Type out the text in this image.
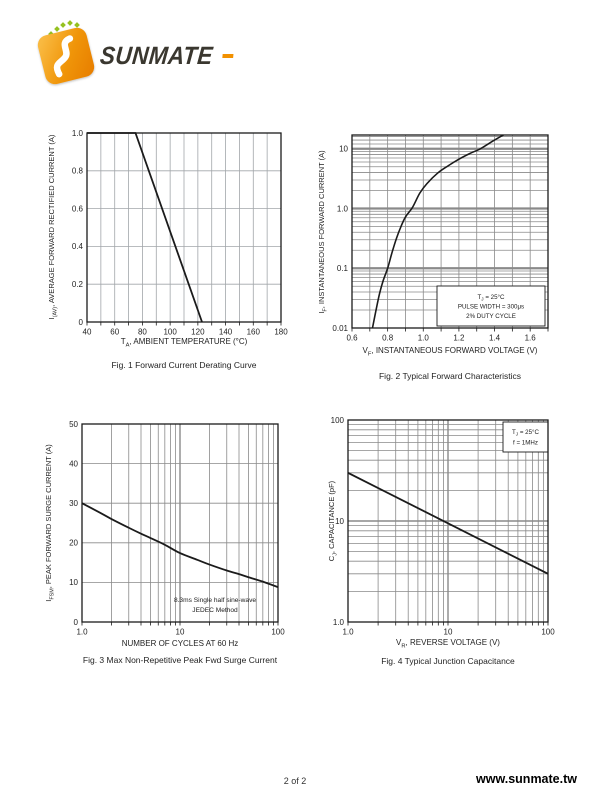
SUNMATE
$I_{(AV)}$, AVERAGE FORWARD RECTIFIED CURRENT (A)
40 60 80 100 120 140 160 180
0
0.2
0.4
0.6
0.8
1.0
$T_A$, AMBIENT TEMPERATURE (°C)
Fig. 1 Forward Current Derating Curve
$I_F$, INSTANTANEOUS FORWARD CURRENT (A)	$T_J = 25^\circ C$
PULSE WIDTH = 300μs
2% DUTY CYCLE
0.6	0.8	1.0	1.2	1.4	1.6
0.01
0.1
1.0
10
$V_F$, INSTANTANEOUS FORWARD VOLTAGE (V)
Fig. 2 Typical Forward Characteristics
$I_{FSM}$, PEAK FORWARD SURGE CURRENT (A)
8.3ms Single half sine-wave
JEDEC Method
1.0	10	100
0
10
20
30
40
50
NUMBER OF CYCLES AT 60 Hz
Fig. 3 Max Non-Repetitive Peak Fwd Surge Current
$C_J$, CAPACITANCE (pF)
$T_J = 25^\circ C$
f = 1MHz
1.0	10	100
1.0
10
100
$V_R$, REVERSE VOLTAGE (V)
Fig. 4 Typical Junction Capacitance
2 of 2	www.sunmate.tw
